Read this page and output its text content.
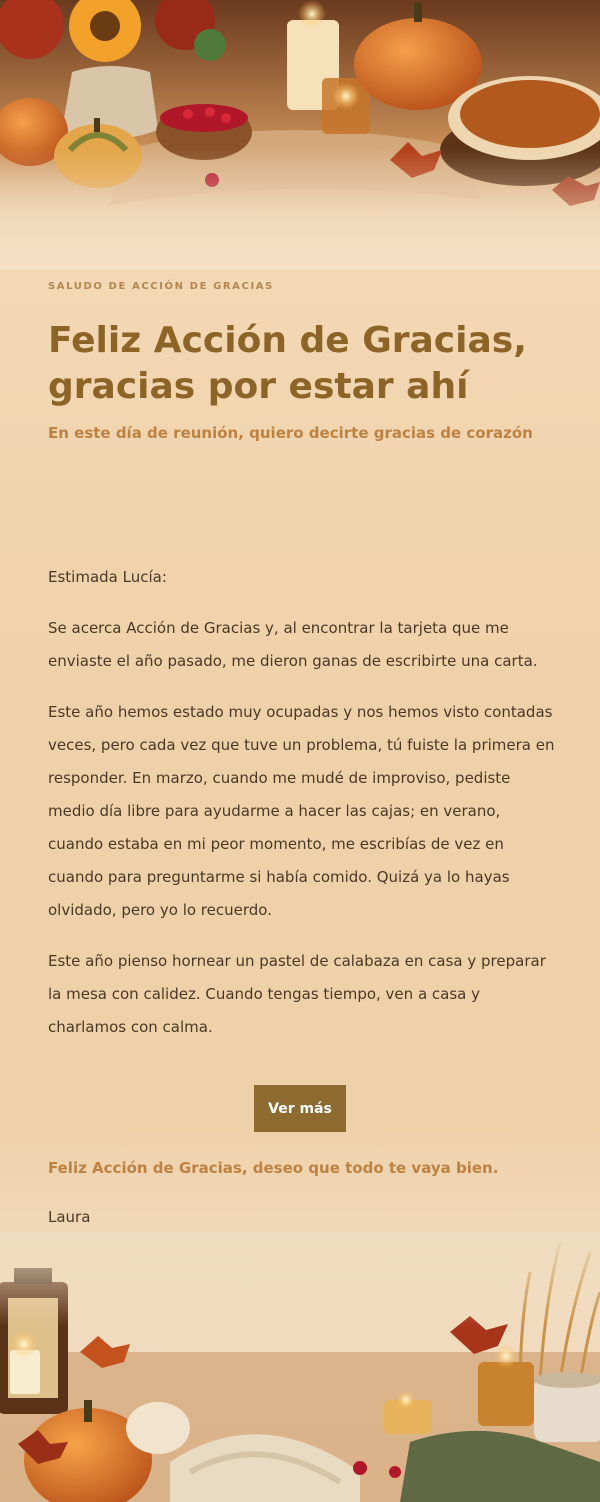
SALUDO DE ACCIÓN DE GRACIAS
Feliz Acción de Gracias,
gracias por estar ahí
En este día de reunión, quiero decirte gracias de corazón

Estimada Lucía:

Se acerca Acción de Gracias y, al encontrar la tarjeta que me enviaste el año pasado, me dieron ganas de escribirte una carta.

Este año hemos estado muy ocupadas y nos hemos visto contadas veces, pero cada vez que tuve un problema, tú fuiste la primera en responder. En marzo, cuando me mudé de improviso, pediste medio día libre para ayudarme a hacer las cajas; en verano, cuando estaba en mi peor momento, me escribías de vez en cuando para preguntarme si había comido. Quizá ya lo hayas olvidado, pero yo lo recuerdo.

Este año pienso hornear un pastel de calabaza en casa y preparar la mesa con calidez. Cuando tengas tiempo, ven a casa y charlamos con calma.

Ver más
Feliz Acción de Gracias, deseo que todo te vaya bien.
Laura
